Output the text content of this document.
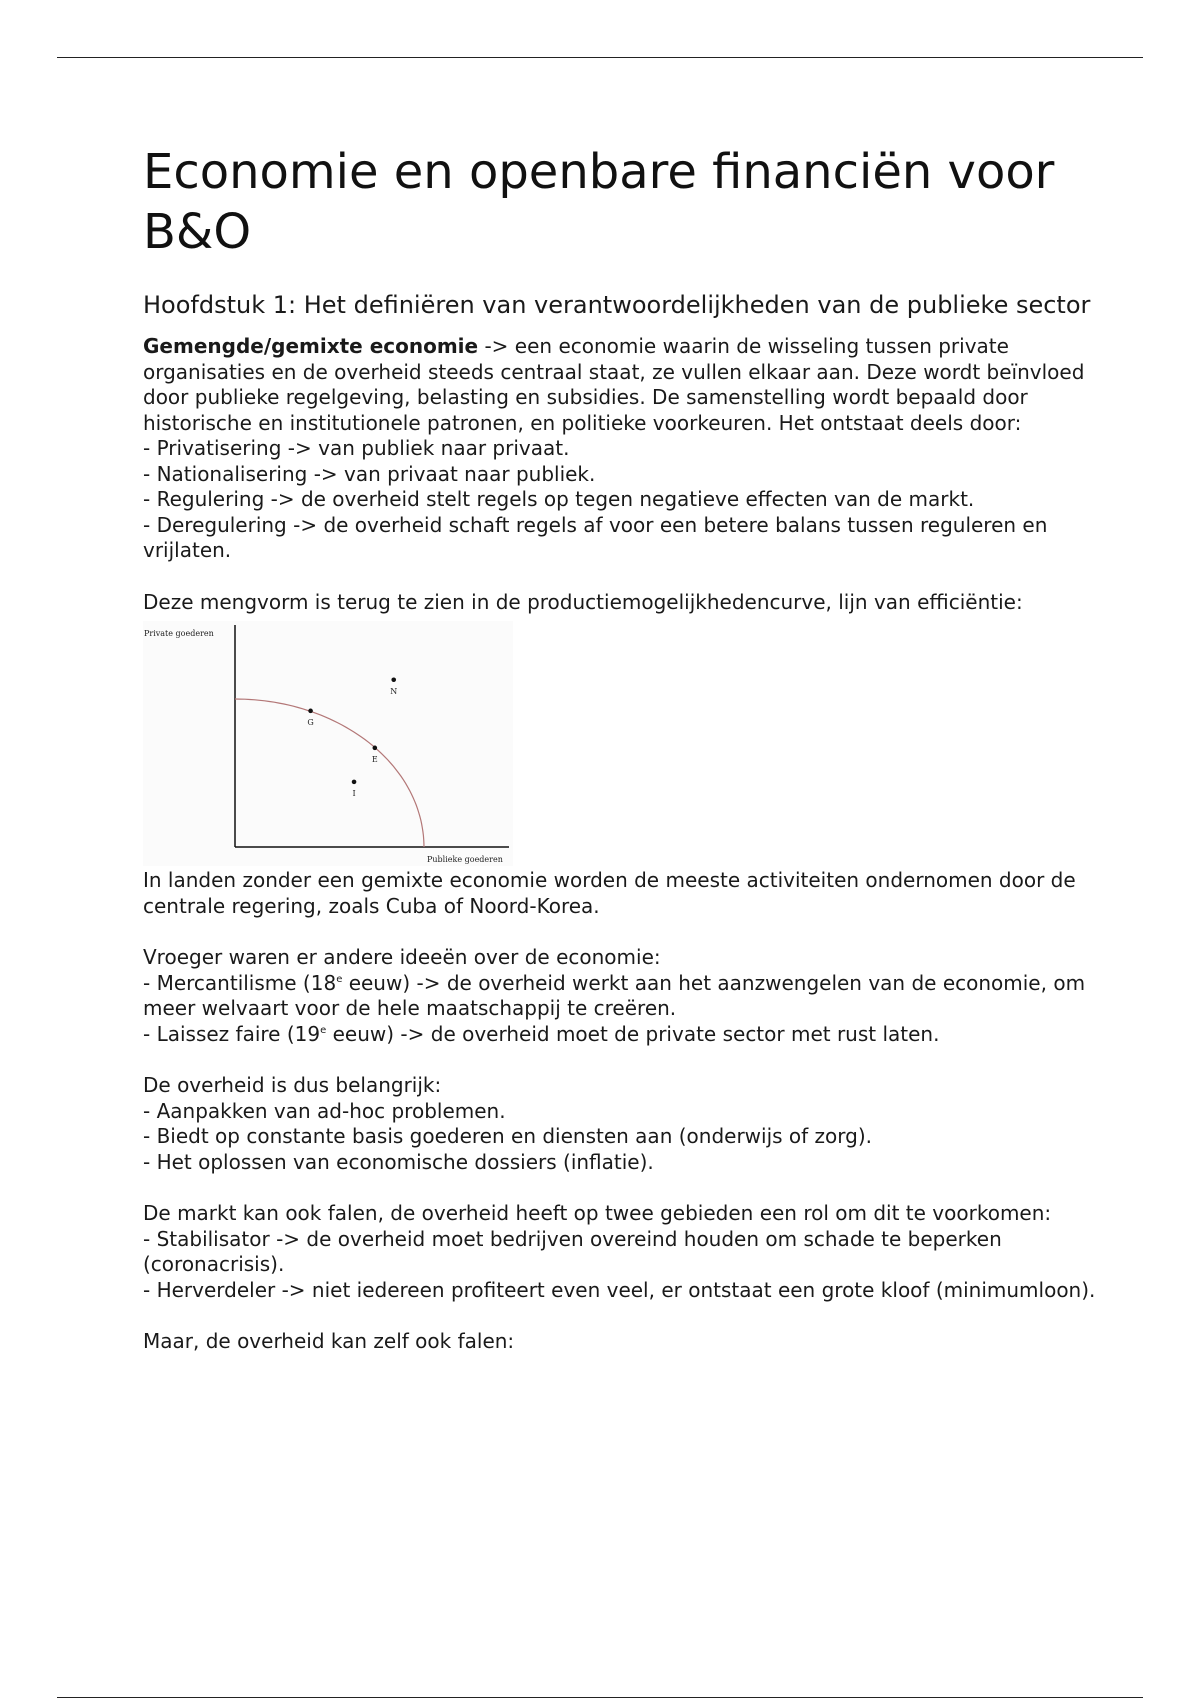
Economie en openbare financiën voor B&O
Hoofdstuk 1: Het definiëren van verantwoordelijkheden van de publieke sector

Gemengde/gemixte economie -> een economie waarin de wisseling tussen private organisaties en de overheid steeds centraal staat, ze vullen elkaar aan. Deze wordt beïnvloed door publieke regelgeving, belasting en subsidies. De samenstelling wordt bepaald door historische en institutionele patronen, en politieke voorkeuren. Het ontstaat deels door:

- Privatisering -> van publiek naar privaat.

- Nationalisering -> van privaat naar publiek.

- Regulering -> de overheid stelt regels op tegen negatieve effecten van de markt.

- Deregulering -> de overheid schaft regels af voor een betere balans tussen reguleren en vrijlaten.

Deze mengvorm is terug te zien in de productiemogelijkhedencurve, lijn van efficiëntie:

Private goederen
Publieke goederen
G
E
N
I

In landen zonder een gemixte economie worden de meeste activiteiten ondernomen door de centrale regering, zoals Cuba of Noord-Korea.

Vroeger waren er andere ideeën over de economie:

- Mercantilisme (18e eeuw) -> de overheid werkt aan het aanzwengelen van de economie, om meer welvaart voor de hele maatschappij te creëren.

- Laissez faire (19e eeuw) -> de overheid moet de private sector met rust laten.

De overheid is dus belangrijk:

- Aanpakken van ad-hoc problemen.

- Biedt op constante basis goederen en diensten aan (onderwijs of zorg).

- Het oplossen van economische dossiers (inflatie).

De markt kan ook falen, de overheid heeft op twee gebieden een rol om dit te voorkomen:

- Stabilisator -> de overheid moet bedrijven overeind houden om schade te beperken (coronacrisis).

- Herverdeler -> niet iedereen profiteert even veel, er ontstaat een grote kloof (minimumloon).

Maar, de overheid kan zelf ook falen:
